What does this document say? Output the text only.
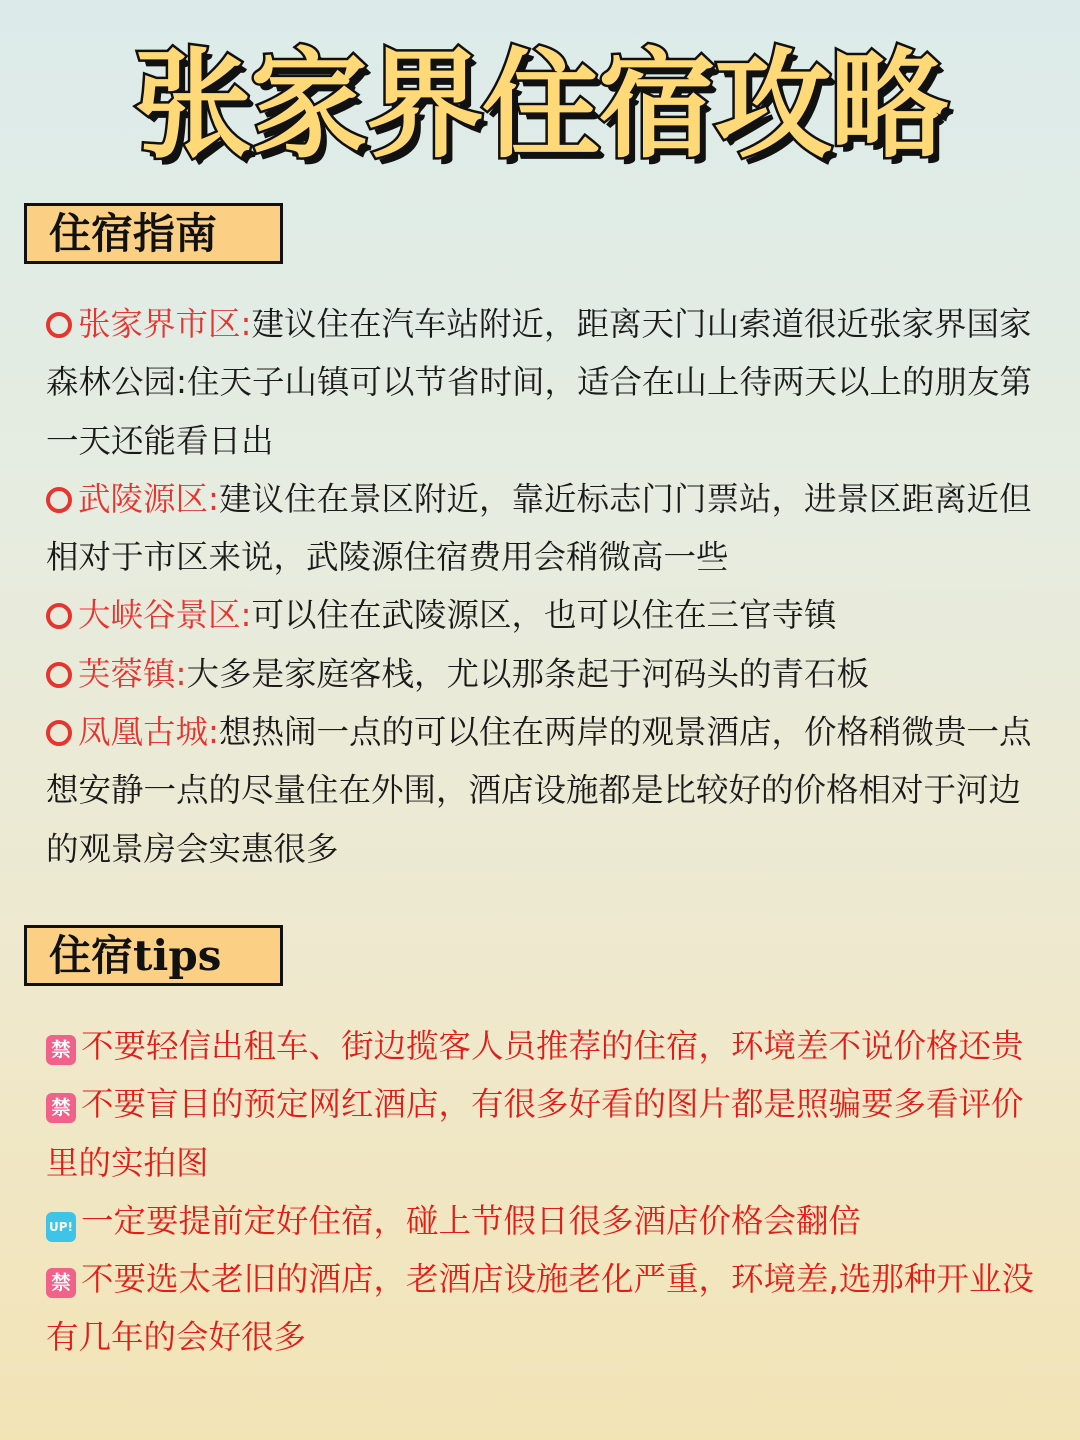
张家界住宿攻略
住宿指南

张家界市区:建议住在汽车站附近，距离天门山索道很近张家界国家森林公园:住天子山镇可以节省时间，适合在山上待两天以上的朋友第一天还能看日出

武陵源区:建议住在景区附近，靠近标志门门票站，进景区距离近但相对于市区来说，武陵源住宿费用会稍微高一些

大峡谷景区:可以住在武陵源区，也可以住在三官寺镇

芙蓉镇:大多是家庭客栈，尤以那条起于河码头的青石板

凤凰古城:想热闹一点的可以住在两岸的观景酒店，价格稍微贵一点想安静一点的尽量住在外围，酒店设施都是比较好的价格相对于河边的观景房会实惠很多

住宿tips

禁 不要轻信出租车、街边揽客人员推荐的住宿，环境差不说价格还贵

禁 不要盲目的预定网红酒店，有很多好看的图片都是照骗要多看评价里的实拍图

UP! 一定要提前定好住宿，碰上节假日很多酒店价格会翻倍

禁 不要选太老旧的酒店，老酒店设施老化严重，环境差,选那种开业没有几年的会好很多
